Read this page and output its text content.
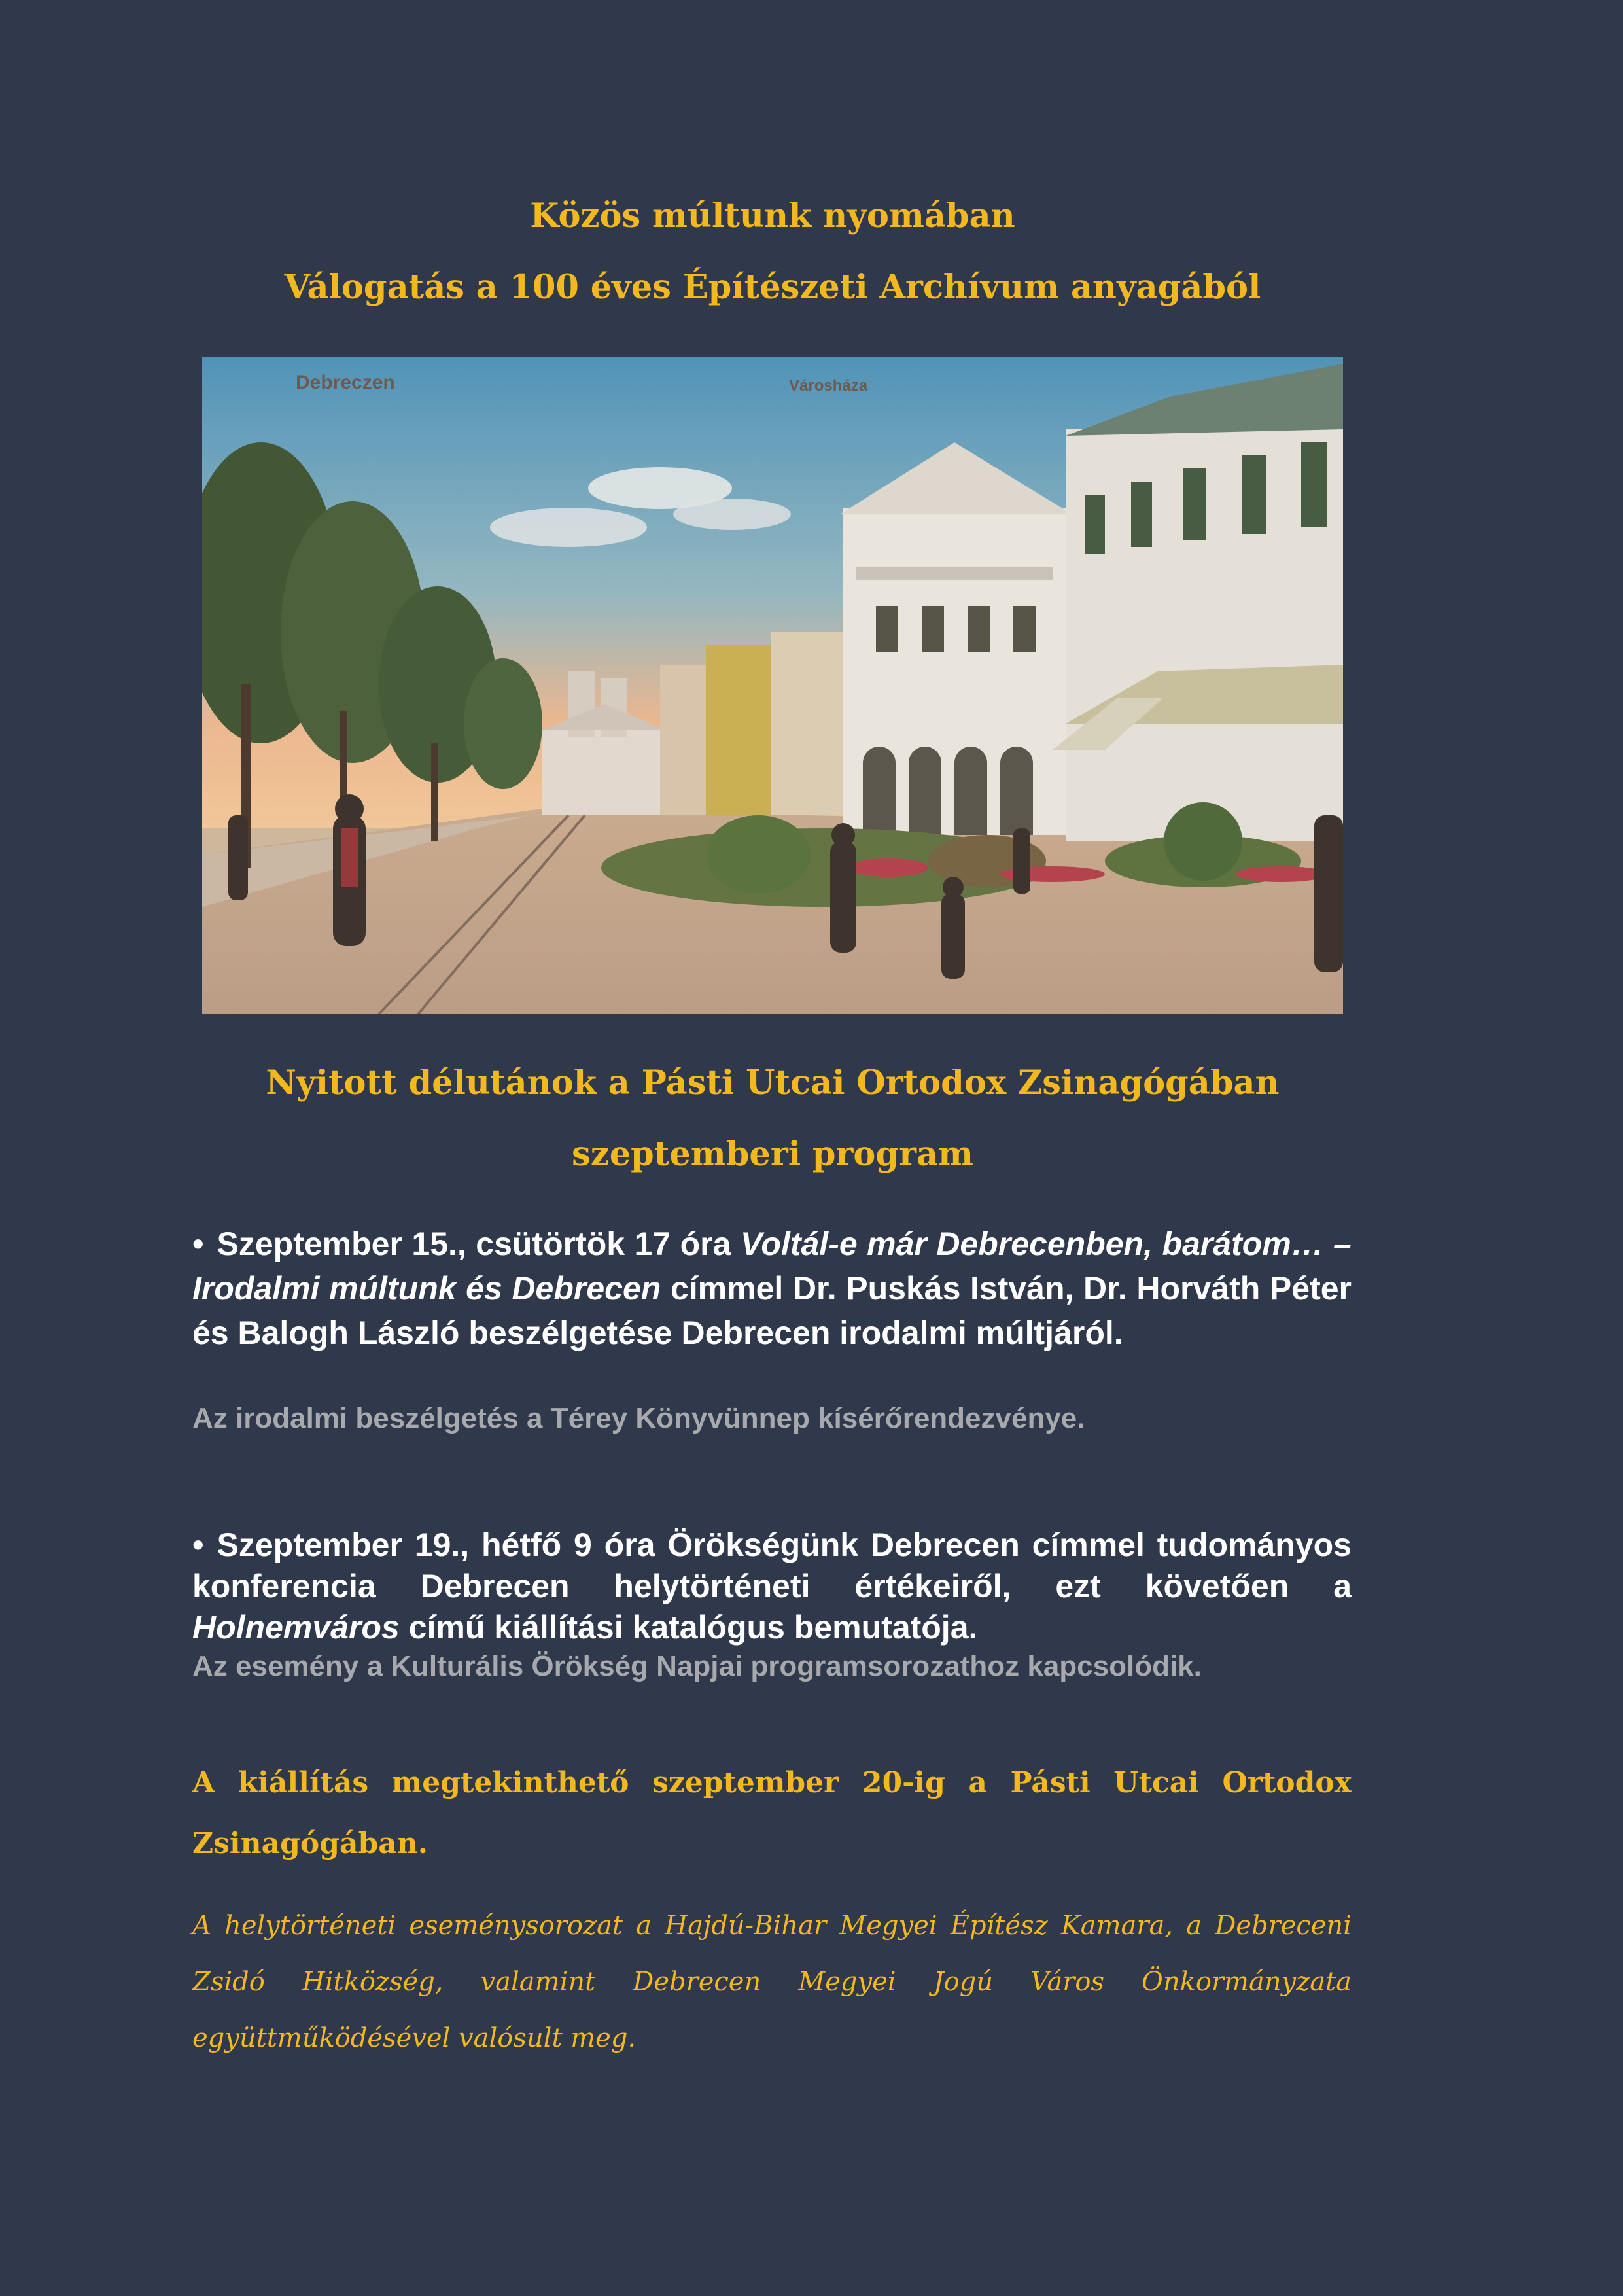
Közös múltunk nyomában
Válogatás a 100 éves Építészeti Archívum anyagából
Debreczen	Városháza
Nyitott délutánok a Pásti Utcai Ortodox Zsinagógában
szeptemberi program

• Szeptember 15., csütörtök 17 óra Voltál-e már Debrecenben, barátom… – Irodalmi múltunk és Debrecen címmel Dr. Puskás István, Dr. Horváth Péter és Balogh László beszélgetése Debrecen irodalmi múltjáról.

Az irodalmi beszélgetés a Térey Könyvünnep kísérőrendezvénye.

• Szeptember 19., hétfő 9 óra Örökségünk Debrecen címmel tudományos konferencia Debrecen helytörténeti értékeiről, ezt követően a Holnemváros című kiállítási katalógus bemutatója.

Az esemény a Kulturális Örökség Napjai programsorozathoz kapcsolódik.

A kiállítás megtekinthető szeptember 20-ig a Pásti Utcai Ortodox Zsinagógában.

A helytörténeti eseménysorozat a Hajdú-Bihar Megyei Építész Kamara, a Debreceni Zsidó Hitközség, valamint Debrecen Megyei Jogú Város Önkormányzata együttműködésével valósult meg.
